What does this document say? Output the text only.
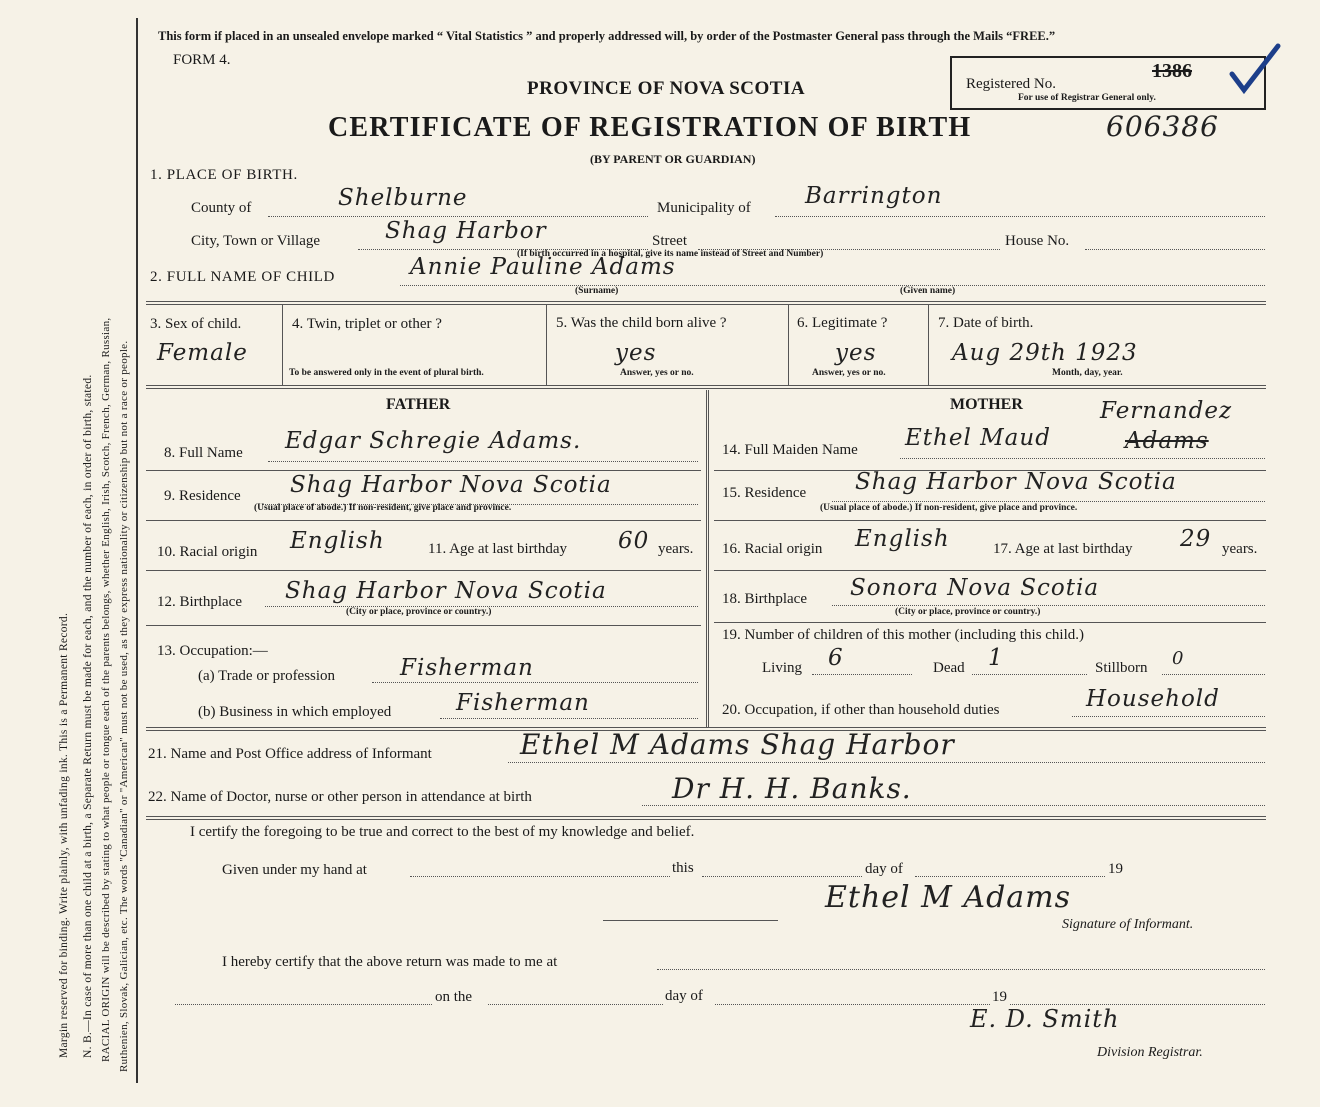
Margin reserved for binding. Write plainly, with unfading ink. This is a Permanent Record. N. B.—In case of more than one child at a birth, a Separate Return must be made for each, and the number of each, in order of birth, stated. RACIAL ORIGIN will be described by stating to what people or tongue each of the parents belongs, whether English, Irish, Scotch, French, German, Russian, Ruthenien, Slovak, Galician, etc. The words "Canadian" or "American" must not be used, as they express nationality or citizenship but not a race or people.
This form if placed in an unsealed envelope marked “ Vital Statistics ” and properly addressed will, by order of the Postmaster General pass through the Mails “FREE.”
FORM 4.
PROVINCE OF NOVA SCOTIA
CERTIFICATE OF REGISTRATION OF BIRTH
(BY PARENT OR GUARDIAN)
Registered No.
For use of Registrar General only.
1386
606386
1. PLACE OF BIRTH.
County of	Shelburne	Municipality of Barrington
City, Town or Village	Shag Harbor	Street
(If birth occurred in a hospital, give its name instead of Street and Number)
House No.
2. FULL NAME OF CHILD	Annie Pauline Adams
(Surname)	(Given name)
3. Sex of child.
Female
4. Twin, triplet or other ?
To be answered only in the event of plural birth.
5. Was the child born alive ?
yes
Answer, yes or no.
6. Legitimate ?
yes
Answer, yes or no.
7. Date of birth.
Aug 29th 1923
Month, day, year.
FATHER	MOTHER
8. Full Name Edgar Schregie Adams.
9. Residence Shag Harbor Nova Scotia
(Usual place of abode.) If non-resident, give place and province.
10. Racial origin English	11. Age at last birthday 60 years.
12. Birthplace Shag Harbor Nova Scotia
(City or place, province or country.)
13. Occupation:—
(a) Trade or profession	Fisherman
(b) Business in which employed	Fisherman
14. Full Maiden Name Ethel Maud	Adams
Fernandez
15. Residence Shag Harbor Nova Scotia
(Usual place of abode.) If non-resident, give place and province.
16. Racial origin English	17. Age at last birthday 29 years.
18. Birthplace Sonora Nova Scotia
(City or place, province or country.)
19. Number of children of this mother (including this child.)
Living 6	Dead 1	Stillborn 0
20. Occupation, if other than household duties	Household
21. Name and Post Office address of Informant	Ethel M Adams Shag Harbor
22. Name of Doctor, nurse or other person in attendance at birth	Dr H. H. Banks.
I certify the foregoing to be true and correct to the best of my knowledge and belief.
Given under my hand at	this	day of	19
Ethel M Adams
Signature of Informant.
I hereby certify that the above return was made to me at
on the	day of	19
E. D. Smith
Division Registrar.
